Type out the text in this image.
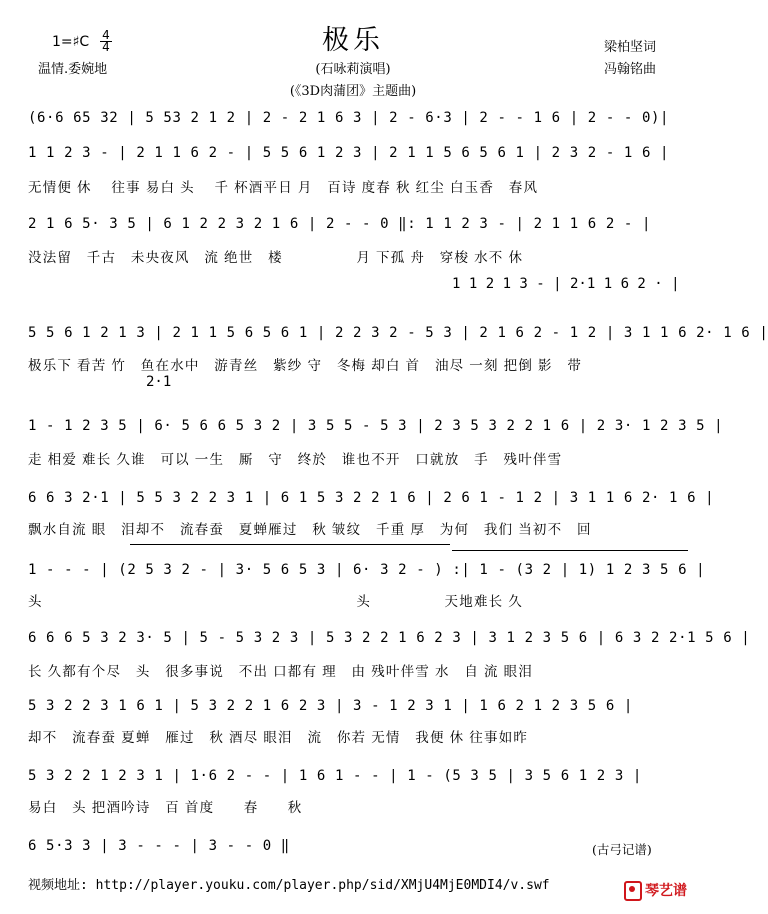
极乐
1=♯C $\frac{4}{4}$
温情.委婉地	(石咏莉演唱)
(《3D肉蒲团》主题曲)
梁柏坚词
冯翰铭曲
(6·6 65 32 | 5 53 2 1 2 | 2 - 2 1 6 3 | 2 - 6·3 | 2 - - 1 6 | 2 - - 0)|
1 1 2 3 - | 2 1 1 6 2 - | 5 5 6 1 2 3 | 2 1 1 5 6 5 6 1 | 2 3 2 - 1 6 |
无情便 休　 往事 易白 头　 千 杯酒平日 月　百诗 度春 秋 红尘 白玉香　春风
2 1 6 5· 3 5 | 6 1 2 2 3 2 1 6 | 2 - - 0 ‖: 1 1 2 3 - | 2 1 1 6 2 - |
没法留　千古　未央夜风　流 绝世　楼　　　　　月 下孤 舟　穿梭 水不 休
1 1 2 1 3 - | 2·1 1 6 2 · |
5 5 6 1 2 1 3 | 2 1 1 5 6 5 6 1 | 2 2 3 2 - 5 3 | 2 1 6 2 - 1 2 | 3 1 1 6 2· 1 6 |
极乐下 看苦 竹　鱼在水中　游青丝　紫纱 守　冬梅 却白 首　油尽 一刻 把倒 影　带
2·1
1 - 1 2 3 5 | 6· 5 6 6 5 3 2 | 3 5 5 - 5 3 | 2 3 5 3 2 2 1 6 | 2 3· 1 2 3 5 |
走 相爱 难长 久谁　可以 一生　厮　守　终於　谁也不开　口就放　手　残叶伴雪
6 6 3 2·1 | 5 5 3 2 2 3 1 | 6 1 5 3 2 2 1 6 | 2 6 1 - 1 2 | 3 1 1 6 2· 1 6 |
飘水自流 眼　泪却不　流春蚕　夏蝉雁过　秋 皱纹　千重 厚　为何　我们 当初不　回
1 - - - | (2 5 3 2 - | 3· 5 6 5 3 | 6· 3 2 - ) :| 1 - (3 2 | 1) 1 2 3 5 6 |
头　　　　　　　　　　　　　　　　　　　　　 头　　　　　天地难长 久
6 6 6 5 3 2 3· 5 | 5 - 5 3 2 3 | 5 3 2 2 1 6 2 3 | 3 1 2 3 5 6 | 6 3 2 2·1 5 6 |
长 久都有个尽　头　很多事说　不出 口都有 理　由 残叶伴雪 水　自 流 眼泪
5 3 2 2 3 1 6 1 | 5 3 2 2 1 6 2 3 | 3 - 1 2 3 1 | 1 6 2 1 2 3 5 6 |
却不　流春蚕 夏蝉　雁过　秋 酒尽 眼泪　流　你若 无情　我便 休 往事如昨
5 3 2 2 1 2 3 1 | 1·6 2 - - | 1 6 1 - - | 1 - (5 3 5 | 3 5 6 1 2 3 |
易白　头 把酒吟诗　百 首度　　春　　秋
6 5·3 3 | 3 - - - | 3 - - 0 ‖	(古弓记谱)
视频地址: http://player.youku.com/player.php/sid/XMjU4MjE0MDI4/v.swf	琴艺谱
